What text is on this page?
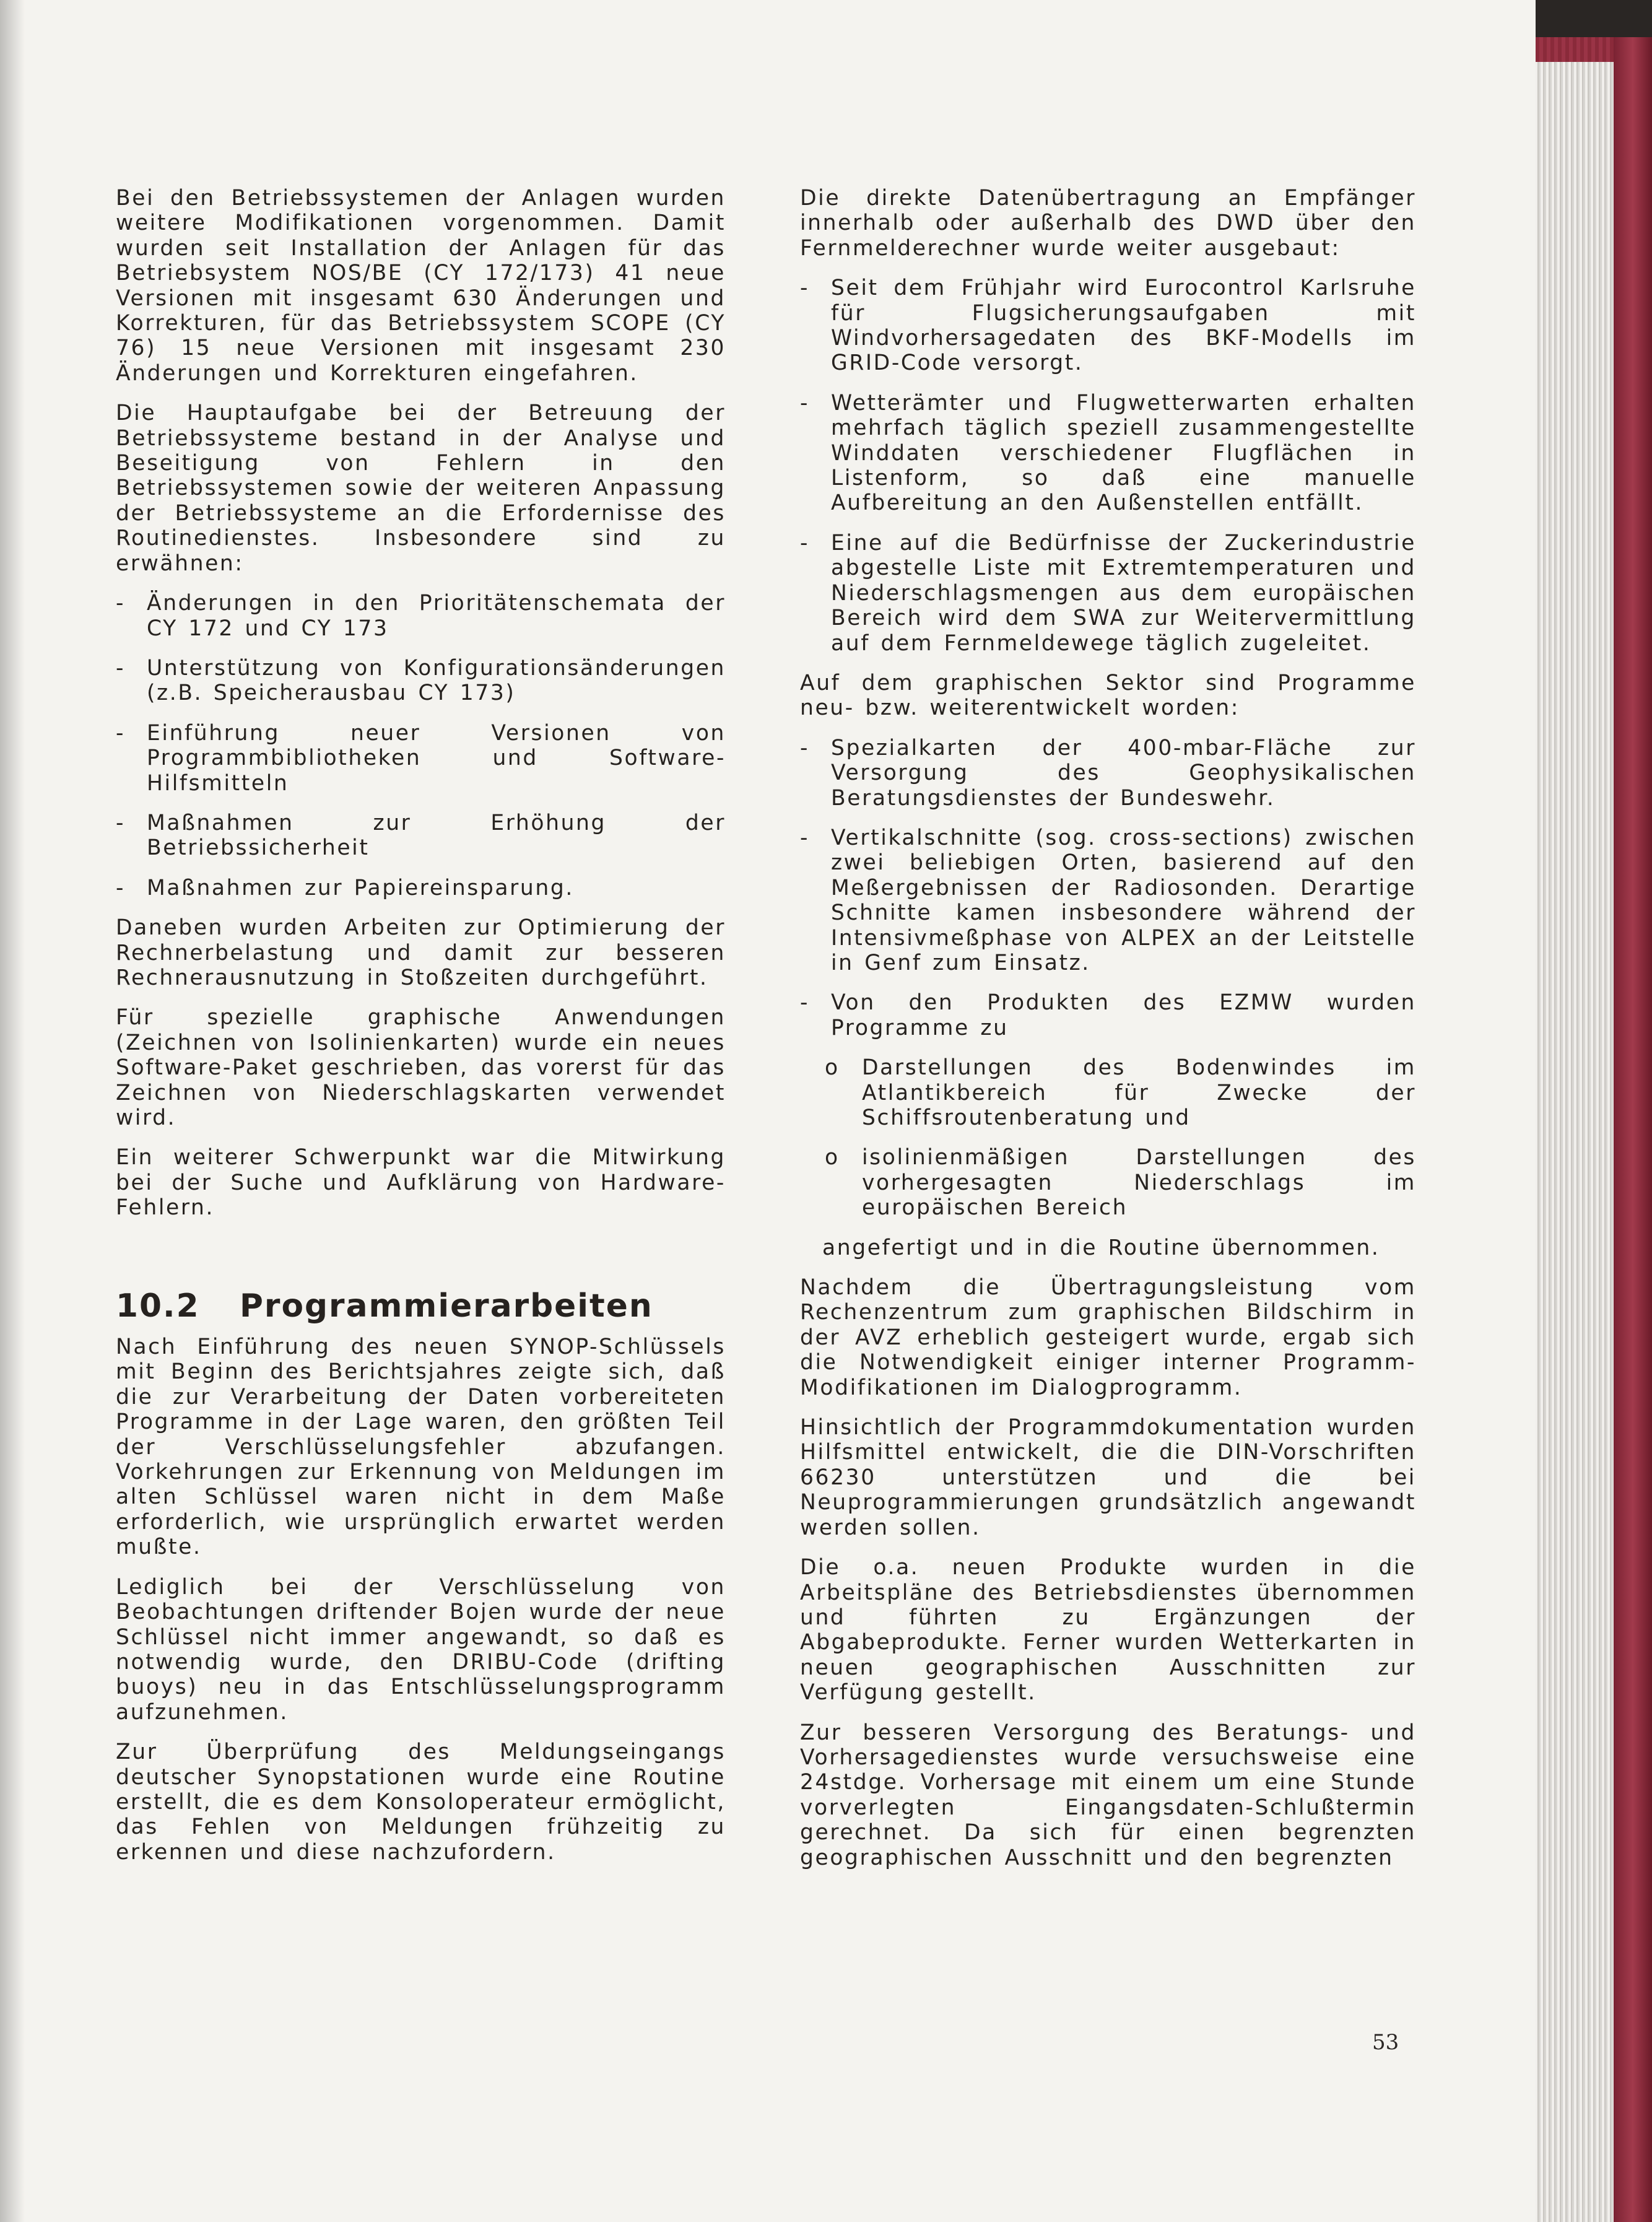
Bei den Betriebssystemen der Anlagen wurden weitere Modifikationen vorgenommen. Damit wurden seit Installation der Anlagen für das Betriebsystem NOS/BE (CY 172/173) 41 neue Versionen mit insgesamt 630 Änderungen und Korrekturen, für das Betriebssystem SCOPE (CY 76) 15 neue Versionen mit insgesamt 230 Änderungen und Korrekturen eingefahren.

Die Hauptaufgabe bei der Betreuung der Betriebssysteme bestand in der Analyse und Beseitigung von Fehlern in den Betriebssystemen sowie der weiteren Anpassung der Betriebssysteme an die Erfordernisse des Routinedienstes. Insbesondere sind zu erwähnen:

- Änderungen in den Prioritätenschemata der CY 172 und CY 173
- Unterstützung von Konfigurationsänderungen (z.B. Speicherausbau CY 173)
- Einführung neuer Versionen von Programmbibliotheken und Software-Hilfsmitteln
- Maßnahmen zur Erhöhung der Betriebssicherheit
- Maßnahmen zur Papiereinsparung.

Daneben wurden Arbeiten zur Optimierung der Rechnerbelastung und damit zur besseren Rechnerausnutzung in Stoßzeiten durchgeführt.

Für spezielle graphische Anwendungen (Zeichnen von Isolinienkarten) wurde ein neues Software-Paket geschrieben, das vorerst für das Zeichnen von Niederschlagskarten verwendet wird.

Ein weiterer Schwerpunkt war die Mitwirkung bei der Suche und Aufklärung von Hardware-Fehlern.

10.2 Programmierarbeiten

Nach Einführung des neuen SYNOP-Schlüssels mit Beginn des Berichtsjahres zeigte sich, daß die zur Verarbeitung der Daten vorbereiteten Programme in der Lage waren, den größten Teil der Verschlüsselungsfehler abzufangen. Vorkehrungen zur Erkennung von Meldungen im alten Schlüssel waren nicht in dem Maße erforderlich, wie ursprünglich erwartet werden mußte.

Lediglich bei der Verschlüsselung von Beobachtungen driftender Bojen wurde der neue Schlüssel nicht immer angewandt, so daß es notwendig wurde, den DRIBU-Code (drifting buoys) neu in das Entschlüsselungsprogramm aufzunehmen.

Zur Überprüfung des Meldungseingangs deutscher Synopstationen wurde eine Routine erstellt, die es dem Konsoloperateur ermöglicht, das Fehlen von Meldungen frühzeitig zu erkennen und diese nachzufordern.

Die direkte Datenübertragung an Empfänger innerhalb oder außerhalb des DWD über den Fernmelderechner wurde weiter ausgebaut:

- Seit dem Frühjahr wird Eurocontrol Karlsruhe für Flugsicherungsaufgaben mit Windvorhersagedaten des BKF-Modells im GRID-Code versorgt.
- Wetterämter und Flugwetterwarten erhalten mehrfach täglich speziell zusammengestellte Winddaten verschiedener Flugflächen in Listenform, so daß eine manuelle Aufbereitung an den Außenstellen entfällt.
- Eine auf die Bedürfnisse der Zuckerindustrie abgestelle Liste mit Extremtemperaturen und Niederschlagsmengen aus dem europäischen Bereich wird dem SWA zur Weitervermittlung auf dem Fernmeldewege täglich zugeleitet.

Auf dem graphischen Sektor sind Programme neu- bzw. weiterentwickelt worden:

- Spezialkarten der 400-mbar-Fläche zur Versorgung des Geophysikalischen Beratungsdienstes der Bundeswehr.
- Vertikalschnitte (sog. cross-sections) zwischen zwei beliebigen Orten, basierend auf den Meßergebnissen der Radiosonden. Derartige Schnitte kamen insbesondere während der Intensivmeßphase von ALPEX an der Leitstelle in Genf zum Einsatz.
- Von den Produkten des EZMW wurden Programme zu
o Darstellungen des Bodenwindes im Atlantikbereich für Zwecke der Schiffsroutenberatung und
o isolinienmäßigen Darstellungen des vorhergesagten Niederschlags im europäischen Bereich

angefertigt und in die Routine übernommen.

Nachdem die Übertragungsleistung vom Rechenzentrum zum graphischen Bildschirm in der AVZ erheblich gesteigert wurde, ergab sich die Notwendigkeit einiger interner Programm-Modifikationen im Dialogprogramm.

Hinsichtlich der Programmdokumentation wurden Hilfsmittel entwickelt, die die DIN-Vorschriften 66230 unterstützen und die bei Neuprogrammierungen grundsätzlich angewandt werden sollen.

Die o.a. neuen Produkte wurden in die Arbeitspläne des Betriebsdienstes übernommen und führten zu Ergänzungen der Abgabeprodukte. Ferner wurden Wetterkarten in neuen geographischen Ausschnitten zur Verfügung gestellt.

Zur besseren Versorgung des Beratungs- und Vorhersagedienstes wurde versuchsweise eine 24stdge. Vorhersage mit einem um eine Stunde vorverlegten Eingangsdaten-Schlußtermin gerechnet. Da sich für einen begrenzten geographischen Ausschnitt und den begrenzten

53
